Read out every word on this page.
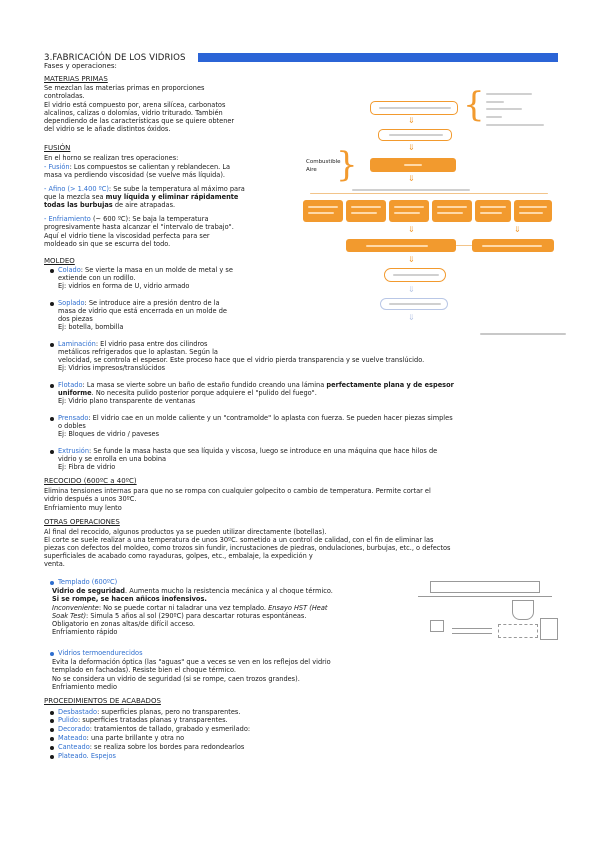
3.FABRICACIÓN DE LOS VIDRIOS
Fases y operaciones:
MATERIAS PRIMAS
Se mezclan las materias primas en proporciones
controladas.
El vidrio está compuesto por, arena silícea, carbonatos
alcalinos, calizas o dolomías, vidrio triturado. También
dependiendo de las características que se quiere obtener
del vidrio se le añade distintos óxidos.
FUSIÓN
En el horno se realizan tres operaciones:
- Fusión: Los compuestos se calientan y reblandecen. La
masa va perdiendo viscosidad (se vuelve más líquida).
- Afino (> 1.400 ºC): Se sube la temperatura al máximo para
que la mezcla sea muy líquida y eliminar rápidamente
todas las burbujas de aire atrapadas.
- Enfriamiento (~ 600 ºC): Se baja la temperatura
progresivamente hasta alcanzar el "intervalo de trabajo".
Aquí el vidrio tiene la viscosidad perfecta para ser
moldeado sin que se escurra del todo.
MOLDEO
Colado: Se vierte la masa en un molde de metal y se
extiende con un rodillo.
Ej: vidrios en forma de U, vidrio armado
Soplado: Se introduce aire a presión dentro de la
masa de vidrio que está encerrada en un molde de
dos piezas
Ej: botella, bombilla
Laminación: El vidrio pasa entre dos cilindros
metálicos refrigerados que lo aplastan. Según la
velocidad, se controla el espesor. Este proceso hace que el vidrio pierda transparencia y se vuelve translúcido.
Ej: Vidrios impresos/translúcidos
Flotado: La masa se vierte sobre un baño de estaño fundido creando una lámina perfectamente plana y de espesor
uniforme. No necesita pulido posterior porque adquiere el "pulido del fuego".
Ej: Vidrio plano transparente de ventanas
Prensado: El vidrio cae en un molde caliente y un "contramolde" lo aplasta con fuerza. Se pueden hacer piezas simples
o dobles
Ej: Bloques de vidrio / paveses
Extrusión: Se funde la masa hasta que sea líquida y viscosa, luego se introduce en una máquina que hace hilos de
vidrio y se enrolla en una bobina
Ej: Fibra de vidrio
RECOCIDO (600ºC a 40ºC)
Elimina tensiones internas para que no se rompa con cualquier golpecito o cambio de temperatura. Permite cortar el
vidrio después a unos 30ºC.
Enfriamiento muy lento
OTRAS OPERACIONES
Al final del recocido, algunos productos ya se pueden utilizar directamente (botellas).
El corte se suele realizar a una temperatura de unos 30ºC. sometido a un control de calidad, con el fin de eliminar las
piezas con defectos del moldeo, como trozos sin fundir, incrustaciones de piedras, ondulaciones, burbujas, etc., o defectos
superficiales de acabado como rayaduras, golpes, etc., embalaje, la expedición y
venta.
Templado (600ºC)
Vidrio de seguridad. Aumenta mucho la resistencia mecánica y al choque térmico.
Si se rompe, se hacen añicos inofensivos.
Inconveniente: No se puede cortar ni taladrar una vez templado. Ensayo HST (Heat
Soak Test): Simula 5 años al sol (290ºC) para descartar roturas espontáneas.
Obligatorio en zonas altas/de difícil acceso.
Enfriamiento rápido
Vidrios termoendurecidos
Evita la deformación óptica (las "aguas" que a veces se ven en los reflejos del vidrio
templado en fachadas). Resiste bien el choque térmico.
No se considera un vidrio de seguridad (si se rompe, caen trozos grandes).
Enfriamiento medio
PROCEDIMIENTOS DE ACABADOS
Desbastado: superficies planas, pero no transparentes.
Pulido: superficies tratadas planas y transparentes.
Decorado: tratamientos de tallado, grabado y esmerilado:
Mateado: una parte brillante y otra no
Canteado: se realiza sobre los bordes para redondearlos
Plateado. Espejos
{
⇓
⇓
Combustible
Aire {	⇓
⇓	⇓
⇓
⇓
⇓
